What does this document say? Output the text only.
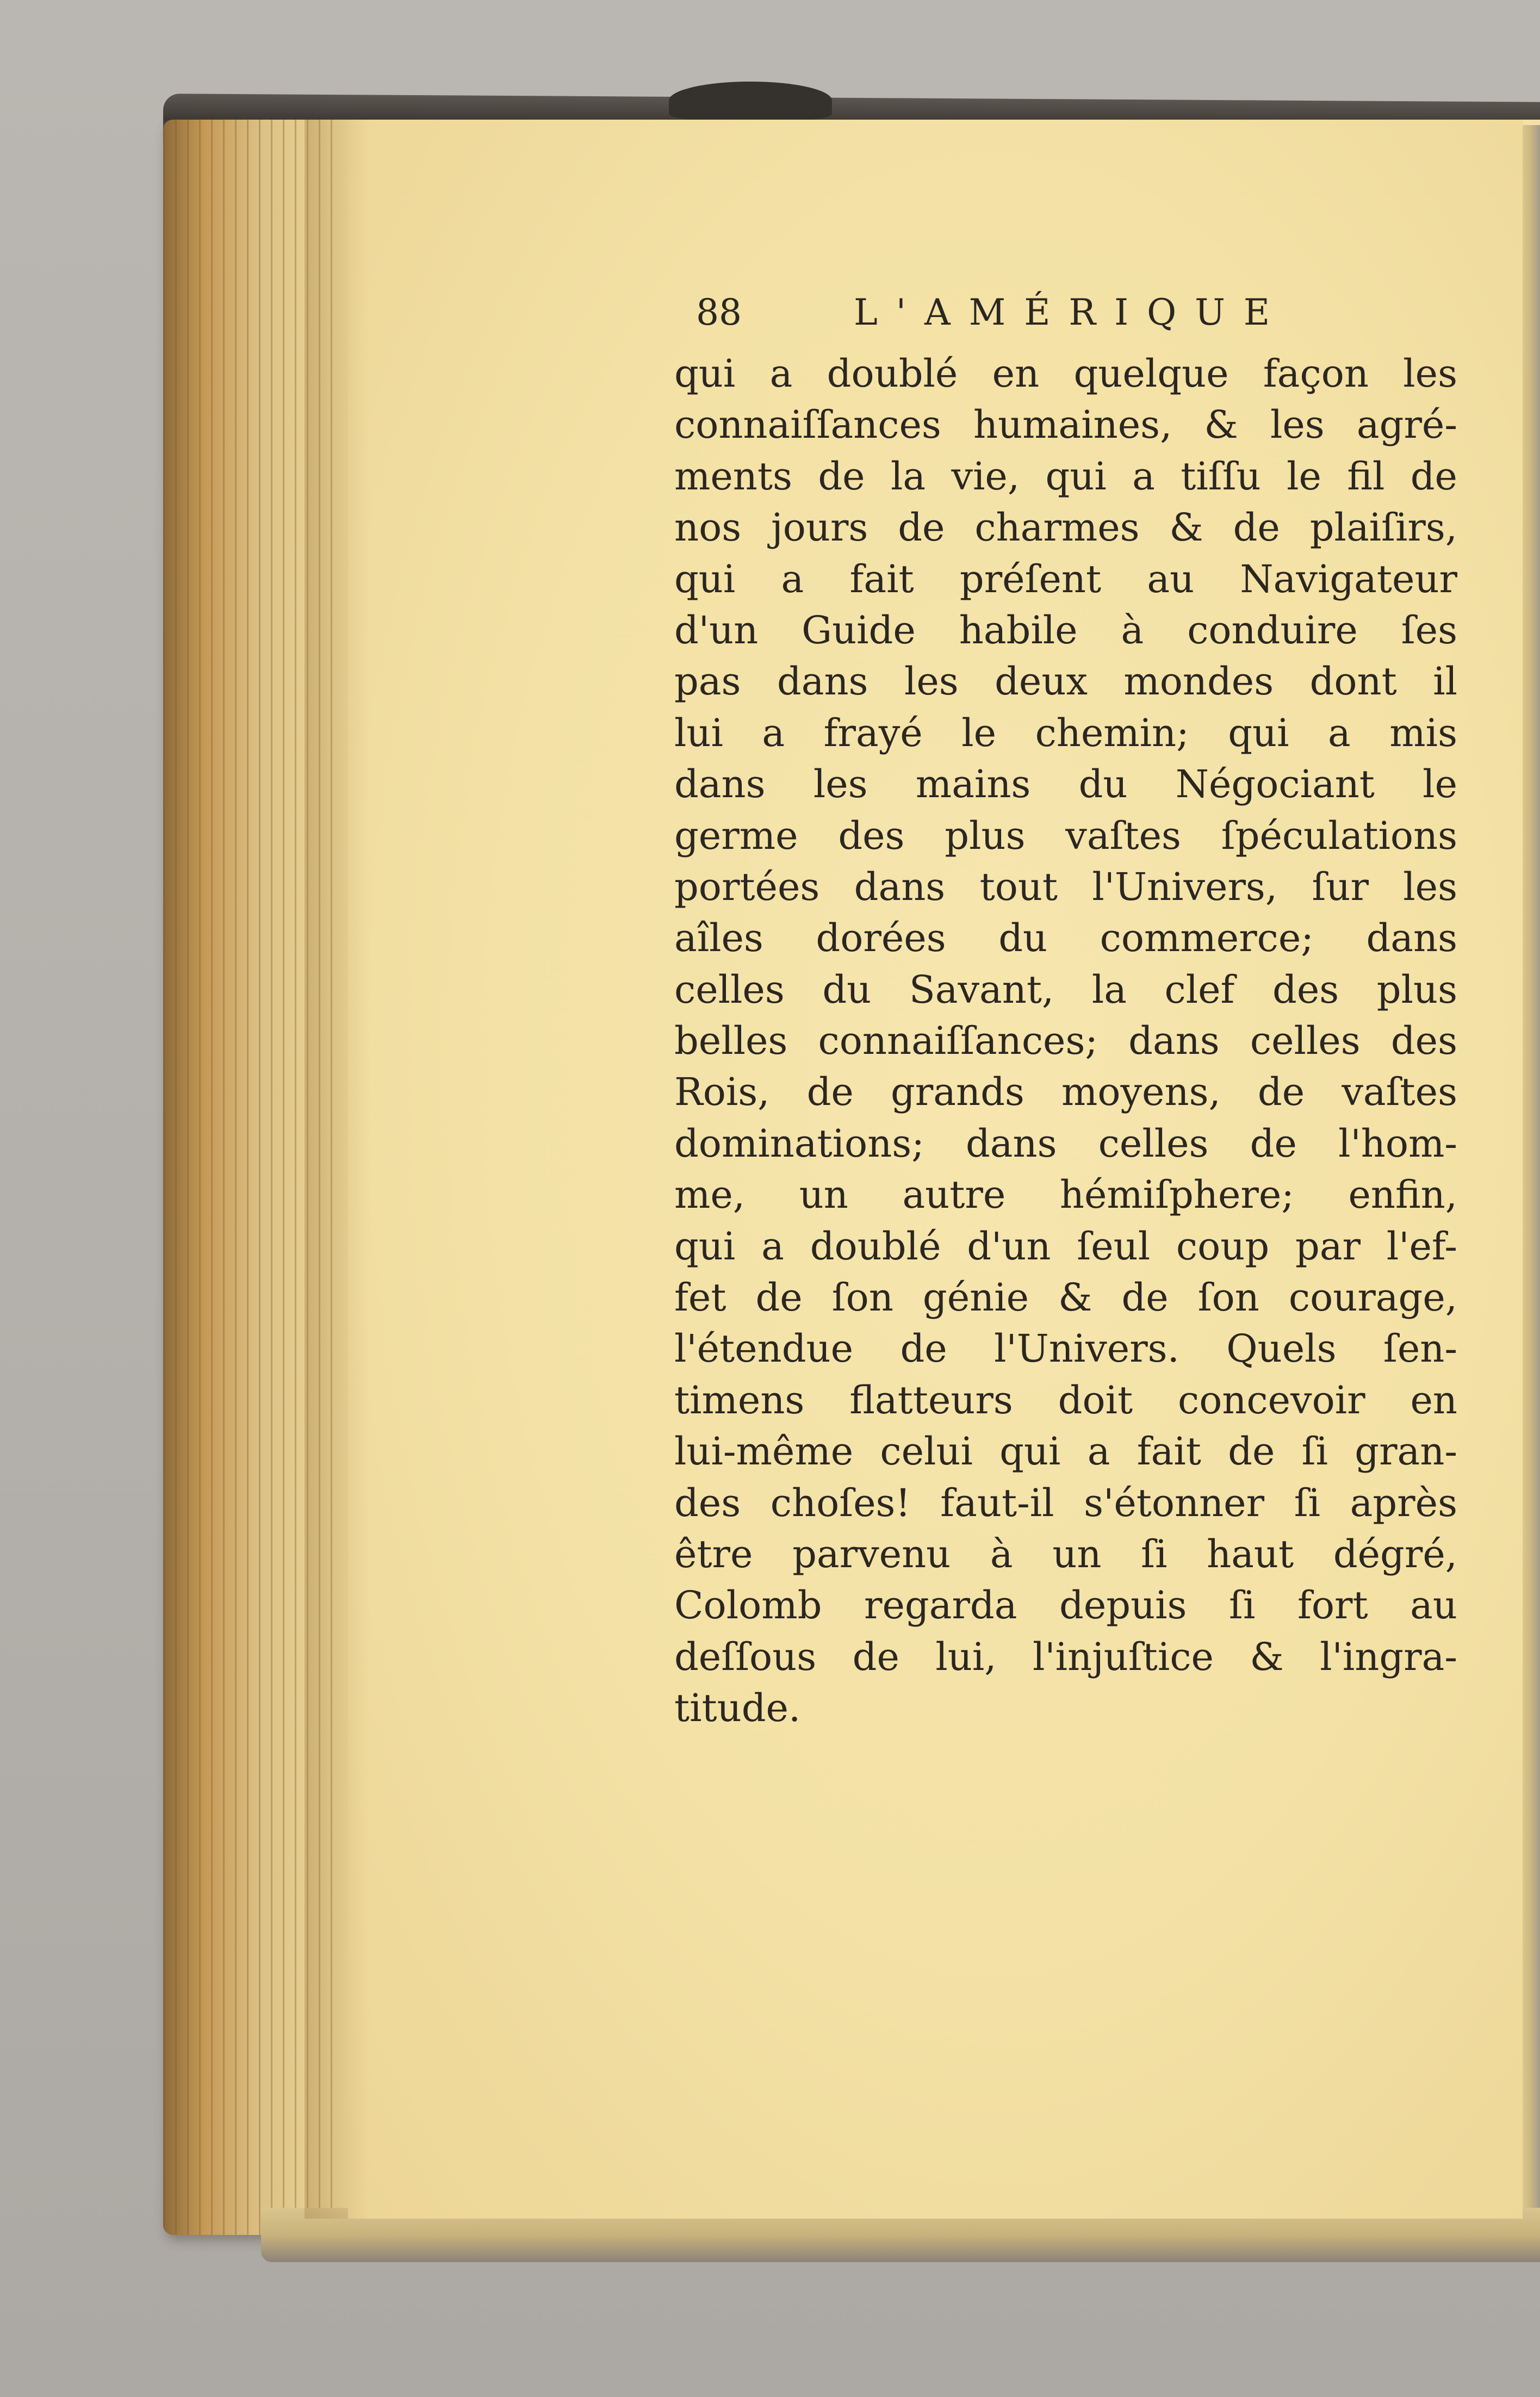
88	L'AMÉRIQUE
qui a doublé en quelque façon les
connaiſſances humaines, & les agré-
ments de la vie, qui a tiſſu le fil de
nos jours de charmes & de plaiſirs,
qui a fait préſent au Navigateur
d'un Guide habile à conduire ſes
pas dans les deux mondes dont il
lui a frayé le chemin; qui a mis
dans les mains du Négociant le
germe des plus vaſtes ſpéculations
portées dans tout l'Univers, ſur les
aîles dorées du commerce; dans
celles du Savant, la clef des plus
belles connaiſſances; dans celles des
Rois, de grands moyens, de vaſtes
dominations; dans celles de l'hom-
me, un autre hémiſphere; enfin,
qui a doublé d'un ſeul coup par l'ef-
fet de ſon génie & de ſon courage,
l'étendue de l'Univers. Quels ſen-
timens flatteurs doit concevoir en
lui-même celui qui a fait de ſi gran-
des choſes! faut-il s'étonner ſi après
être parvenu à un ſi haut dégré,
Colomb regarda depuis ſi fort au
deſſous de lui, l'injuſtice & l'ingra-
titude.
